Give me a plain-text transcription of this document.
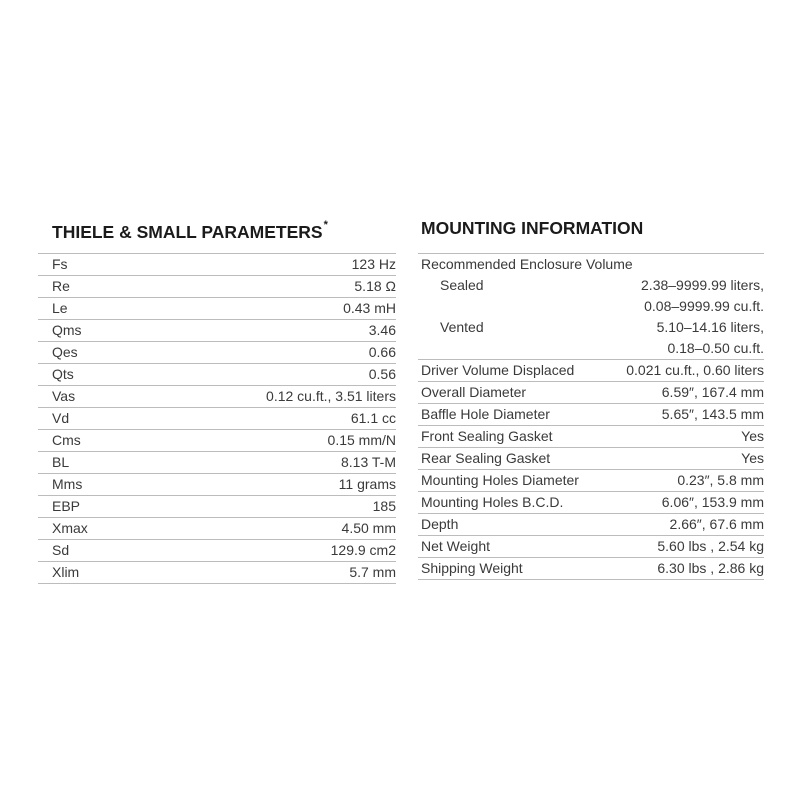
THIELE & SMALL PARAMETERS*
Fs	123 Hz
Re	5.18 Ω
Le	0.43 mH
Qms	3.46
Qes	0.66
Qts	0.56
Vas	0.12 cu.ft., 3.51 liters
Vd	61.1 cc
Cms	0.15 mm/N
BL	8.13 T-M
Mms	11 grams
EBP	185
Xmax	4.50 mm
Sd	129.9 cm2
Xlim	5.7 mm
MOUNTING INFORMATION
Recommended Enclosure Volume
Sealed	2.38–9999.99 liters,
0.08–9999.99 cu.ft.
Vented	5.10–14.16 liters,
0.18–0.50 cu.ft.
Driver Volume Displaced	0.021 cu.ft., 0.60 liters
Overall Diameter	6.59″, 167.4 mm
Baffle Hole Diameter	5.65″, 143.5 mm
Front Sealing Gasket	Yes
Rear Sealing Gasket	Yes
Mounting Holes Diameter	0.23″, 5.8 mm
Mounting Holes B.C.D.	6.06″, 153.9 mm
Depth	2.66″, 67.6 mm
Net Weight	5.60 lbs , 2.54 kg
Shipping Weight	6.30 lbs , 2.86 kg
